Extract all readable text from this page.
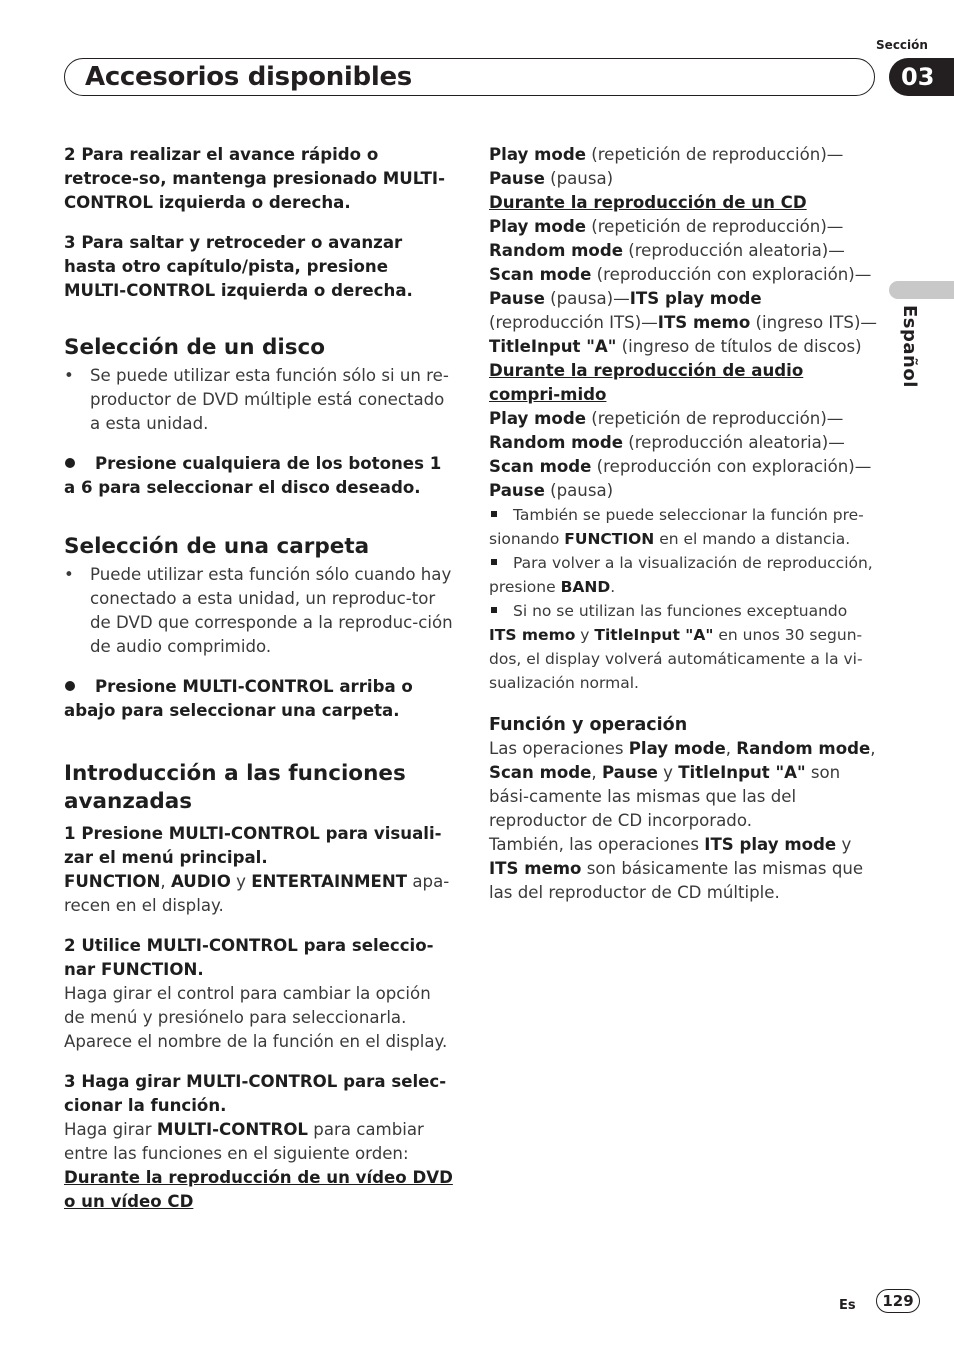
Sección
Accesorios disponibles	03
Español

2 Para realizar el avance rápido o retroce-so, mantenga presionado MULTI-CONTROL izquierda o derecha.

3 Para saltar y retroceder o avanzar hasta otro capítulo/pista, presione MULTI-CONTROL izquierda o derecha.

Selección de un disco

• Se puede utilizar esta función sólo si un re-productor de DVD múltiple está conectado a esta unidad.

Presione cualquiera de los botones 1 a 6 para seleccionar el disco deseado.

Selección de una carpeta

• Puede utilizar esta función sólo cuando hay conectado a esta unidad, un reproduc-tor de DVD que corresponde a la reproduc-ción de audio comprimido.

Presione MULTI-CONTROL arriba o abajo para seleccionar una carpeta.

Introducción a las funciones avanzadas

1 Presione MULTI-CONTROL para visuali-zar el menú principal.

FUNCTION, AUDIO y ENTERTAINMENT apa-recen en el display.

2 Utilice MULTI-CONTROL para seleccio-nar FUNCTION.

Haga girar el control para cambiar la opción de menú y presiónelo para seleccionarla. Aparece el nombre de la función en el display.

3 Haga girar MULTI-CONTROL para selec-cionar la función.

Haga girar MULTI-CONTROL para cambiar entre las funciones en el siguiente orden:

Durante la reproducción de un vídeo DVD o un vídeo CD

Play mode (repetición de reproducción)—
Pause (pausa)

Durante la reproducción de un CD

Play mode (repetición de reproducción)—
Random mode (reproducción aleatoria)—
Scan mode (reproducción con exploración)—
Pause (pausa)—ITS play mode (reproducción ITS)—ITS memo (ingreso ITS)—
TitleInput "A" (ingreso de títulos de discos)

Durante la reproducción de audio compri-mido

Play mode (repetición de reproducción)—
Random mode (reproducción aleatoria)—
Scan mode (reproducción con exploración)—
Pause (pausa)

También se puede seleccionar la función pre-sionando FUNCTION en el mando a distancia.

Para volver a la visualización de reproducción, presione BAND.

Si no se utilizan las funciones exceptuando ITS memo y TitleInput "A" en unos 30 segun-dos, el display volverá automáticamente a la vi-sualización normal.

Función y operación

Las operaciones Play mode, Random mode, Scan mode, Pause y TitleInput "A" son bási-camente las mismas que las del reproductor de CD incorporado.

También, las operaciones ITS play mode y ITS memo son básicamente las mismas que las del reproductor de CD múltiple.

Es	129
